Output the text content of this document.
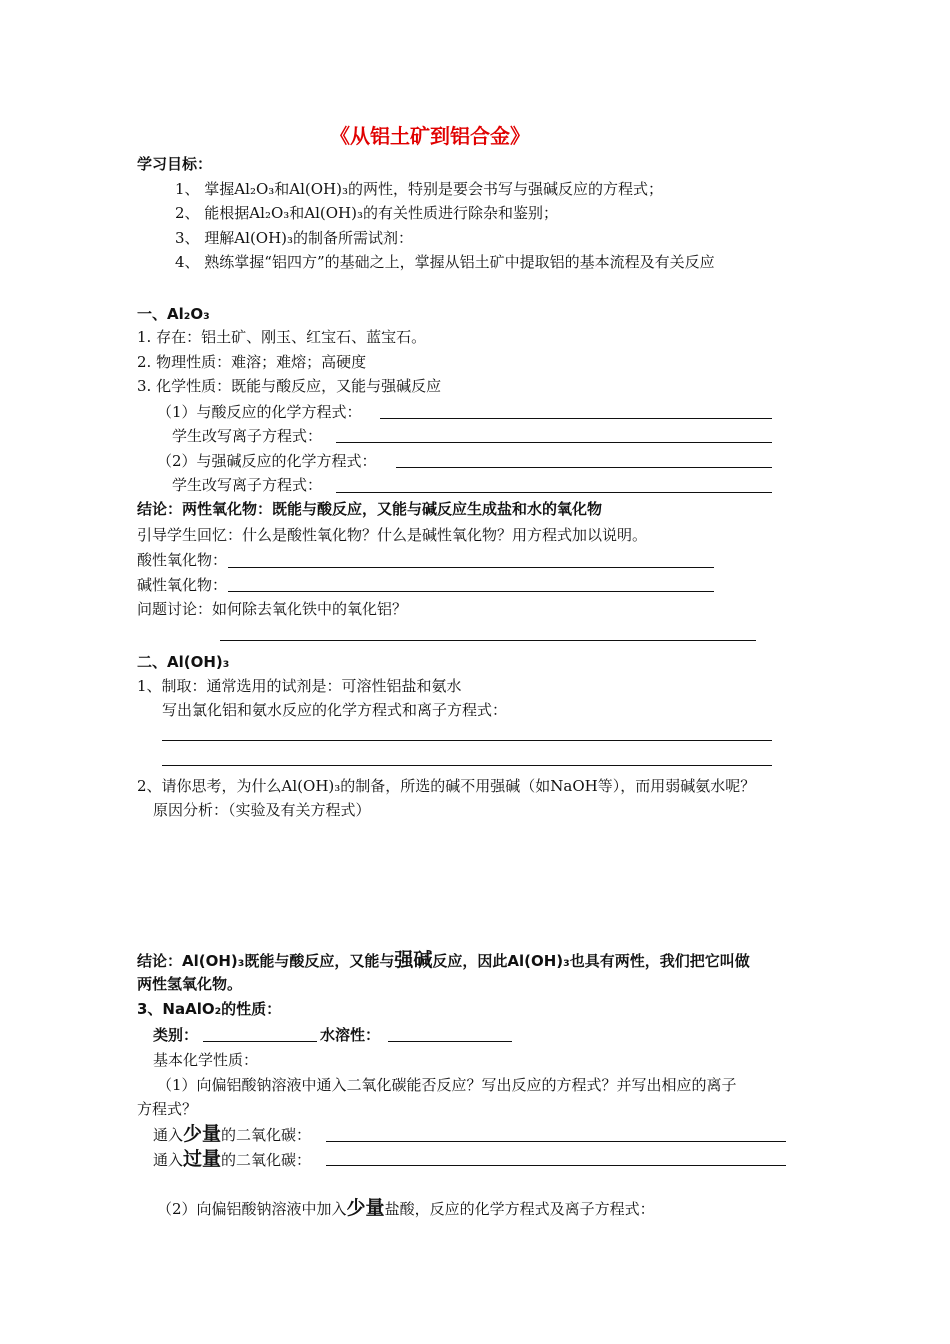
《从铝土矿到铝合金》
学习目标：
1、 掌握Al₂O₃和Al(OH)₃的两性，特别是要会书写与强碱反应的方程式；
2、 能根据Al₂O₃和Al(OH)₃的有关性质进行除杂和鉴别；
3、 理解Al(OH)₃的制备所需试剂：
4、 熟练掌握“铝四方”的基础之上，掌握从铝土矿中提取铝的基本流程及有关反应
一、Al₂O₃
1. 存在：铝土矿、刚玉、红宝石、蓝宝石。
2. 物理性质：难溶；难熔；高硬度
3. 化学性质：既能与酸反应，又能与强碱反应
（1）与酸反应的化学方程式：
学生改写离子方程式：
（2）与强碱反应的化学方程式：
学生改写离子方程式：
结论：两性氧化物：既能与酸反应，又能与碱反应生成盐和水的氧化物
引导学生回忆：什么是酸性氧化物？什么是碱性氧化物？用方程式加以说明。
酸性氧化物：
碱性氧化物：
问题讨论：如何除去氧化铁中的氧化铝？
二、Al(OH)₃
1、制取：通常选用的试剂是：可溶性铝盐和氨水
写出氯化铝和氨水反应的化学方程式和离子方程式：
2、请你思考，为什么Al(OH)₃的制备，所选的碱不用强碱（如NaOH等），而用弱碱氨水呢？
原因分析：（实验及有关方程式）
结论：Al(OH)₃既能与酸反应，又能与强碱反应，因此Al(OH)₃也具有两性，我们把它叫做
两性氢氧化物。
3、NaAlO₂的性质：
类别：	水溶性：
基本化学性质：
（1）向偏铝酸钠溶液中通入二氧化碳能否反应？写出反应的方程式？并写出相应的离子
方程式？
通入少量的二氧化碳：
通入过量的二氧化碳：
（2）向偏铝酸钠溶液中加入少量盐酸，反应的化学方程式及离子方程式：
